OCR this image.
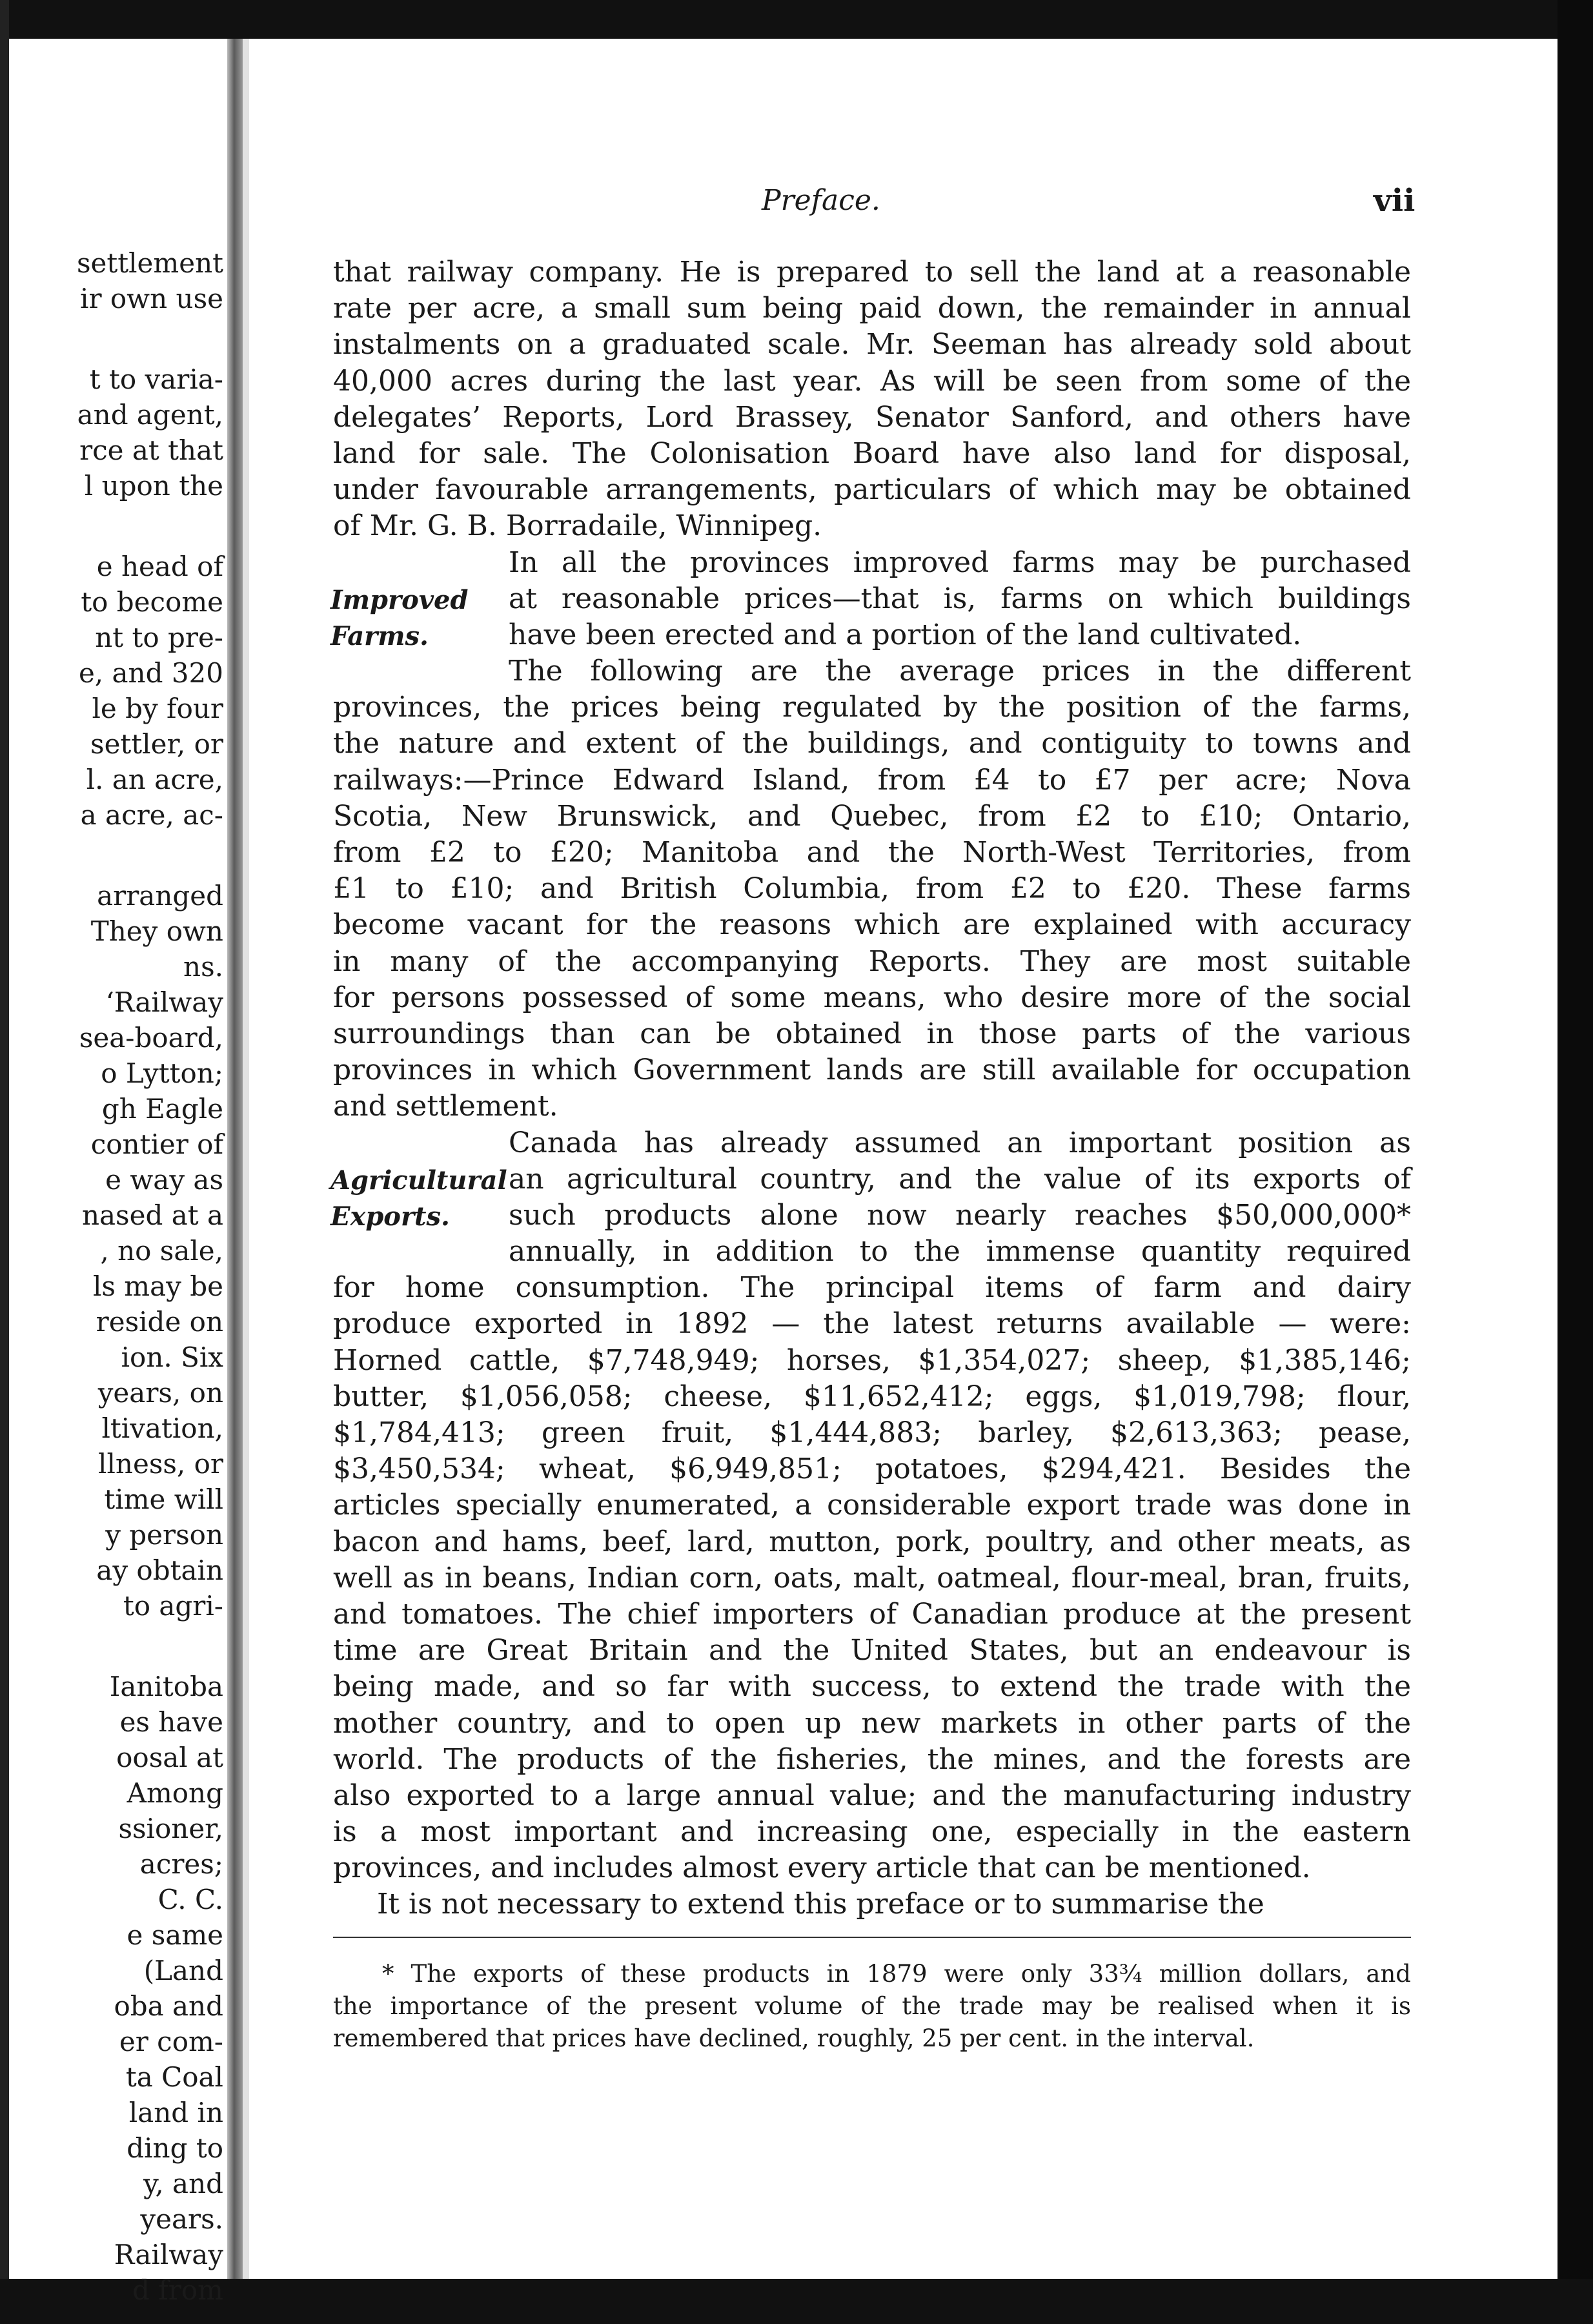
settlement
ir own use
t to varia-
and agent,
rce at that
l upon the
e head of
to become
nt to pre-
e, and 320
le by four
settler, or
l. an acre,
a acre, ac-
arranged
They own
ns.
‘Railway
sea-board,
o Lytton;
gh Eagle
contier of
e way as
nased at a
, no sale,
ls may be
reside on
ion. Six
years, on
ltivation,
llness, or
time will
y person
ay obtain
to agri-
Ianitoba
es have
oosal at
Among
ssioner,
acres;
C. C.
e same
(Land
oba and
er com-
ta Coal
land in
ding to
y, and
years.
Railway
d from
Preface.	vii
that railway company. He is prepared to sell the land at a reasonable
rate per acre, a small sum being paid down, the remainder in annual
instalments on a graduated scale. Mr. Seeman has already sold about
40,000 acres during the last year. As will be seen from some of the
delegates’ Reports, Lord Brassey, Senator Sanford, and others have
land for sale. The Colonisation Board have also land for disposal,
under favourable arrangements, particulars of which may be obtained
of Mr. G. B. Borradaile, Winnipeg.
In all the provinces improved farms may be purchased
at reasonable prices—that is, farms on which buildings
have been erected and a portion of the land cultivated.
The following are the average prices in the different
provinces, the prices being regulated by the position of the farms,
the nature and extent of the buildings, and contiguity to towns and
railways:—Prince Edward Island, from £4 to £7 per acre; Nova
Scotia, New Brunswick, and Quebec, from £2 to £10; Ontario,
from £2 to £20; Manitoba and the North-West Territories, from
£1 to £10; and British Columbia, from £2 to £20. These farms
become vacant for the reasons which are explained with accuracy
in many of the accompanying Reports. They are most suitable
for persons possessed of some means, who desire more of the social
surroundings than can be obtained in those parts of the various
provinces in which Government lands are still available for occupation
and settlement.
Canada has already assumed an important position as
an agricultural country, and the value of its exports of
such products alone now nearly reaches $50,000,000*
annually, in addition to the immense quantity required
for home consumption. The principal items of farm and dairy
produce exported in 1892 — the latest returns available — were:
Horned cattle, $7,748,949; horses, $1,354,027; sheep, $1,385,146;
butter, $1,056,058; cheese, $11,652,412; eggs, $1,019,798; flour,
$1,784,413; green fruit, $1,444,883; barley, $2,613,363; pease,
$3,450,534; wheat, $6,949,851; potatoes, $294,421. Besides the
articles specially enumerated, a considerable export trade was done in
bacon and hams, beef, lard, mutton, pork, poultry, and other meats, as
well as in beans, Indian corn, oats, malt, oatmeal, flour-meal, bran, fruits,
and tomatoes. The chief importers of Canadian produce at the present
time are Great Britain and the United States, but an endeavour is
being made, and so far with success, to extend the trade with the
mother country, and to open up new markets in other parts of the
world. The products of the fisheries, the mines, and the forests are
also exported to a large annual value; and the manufacturing industry
is a most important and increasing one, especially in the eastern
provinces, and includes almost every article that can be mentioned.
It is not necessary to extend this preface or to summarise the
Improved
Farms.
Agricultural
Exports.
* The exports of these products in 1879 were only 33¾ million dollars, and
the importance of the present volume of the trade may be realised when it is
remembered that prices have declined, roughly, 25 per cent. in the interval.
